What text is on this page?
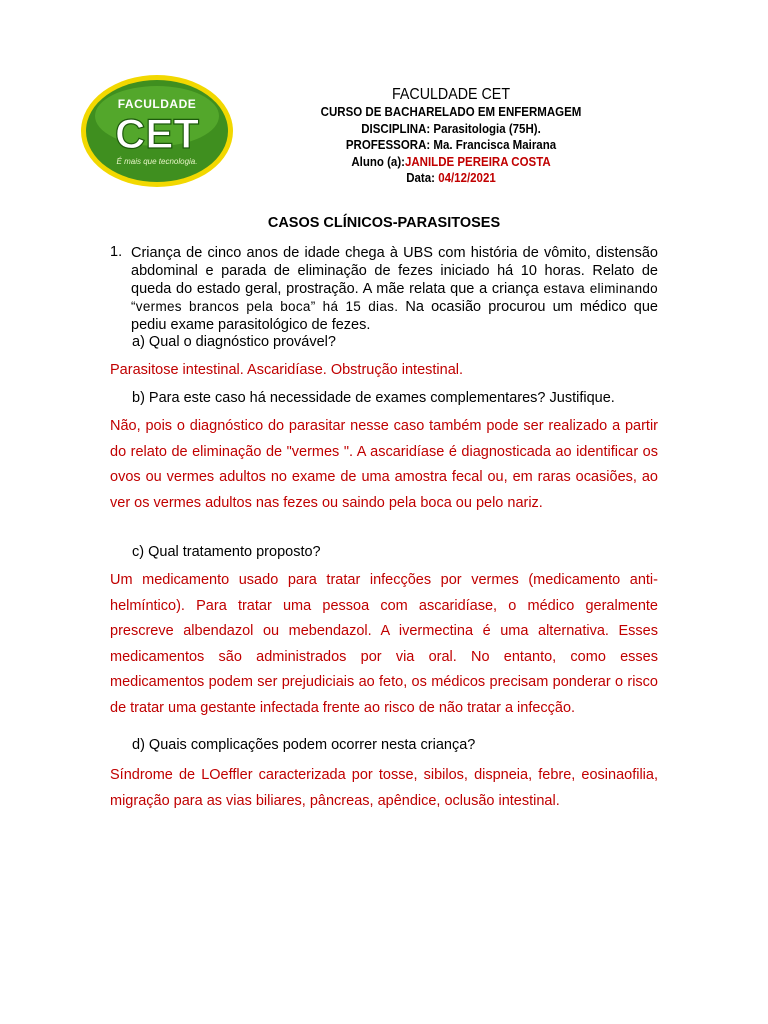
FACULDADE
CET
É mais que tecnologia.
FACULDADE CET
CURSO DE BACHARELADO EM ENFERMAGEM
DISCIPLINA: Parasitologia (75H).
PROFESSORA: Ma. Francisca Mairana
Aluno (a):JANILDE PEREIRA COSTA
Data: 04/12/2021
CASOS CLÍNICOS-PARASITOSES
1. Criança de cinco anos de idade chega à UBS com história de vômito, distensão abdominal e parada de eliminação de fezes iniciado há 10 horas. Relato de queda do estado geral, prostração. A mãe relata que a criança estava eliminando “vermes brancos pela boca” há 15 dias. Na ocasião procurou um médico que pediu exame parasitológico de fezes.
a) Qual o diagnóstico provável?
Parasitose intestinal. Ascaridíase. Obstrução intestinal.
b) Para este caso há necessidade de exames complementares? Justifique.
Não, pois o diagnóstico do parasitar nesse caso também pode ser realizado a partir do relato de eliminação de "vermes ". A ascaridíase é diagnosticada ao identificar os ovos ou vermes adultos no exame de uma amostra fecal ou, em raras ocasiões, ao ver os vermes adultos nas fezes ou saindo pela boca ou pelo nariz.
c) Qual tratamento proposto?
Um medicamento usado para tratar infecções por vermes (medicamento anti-helmíntico). Para tratar uma pessoa com ascaridíase, o médico geralmente prescreve albendazol ou mebendazol. A ivermectina é uma alternativa. Esses medicamentos são administrados por via oral. No entanto, como esses medicamentos podem ser prejudiciais ao feto, os médicos precisam ponderar o risco de tratar uma gestante infectada frente ao risco de não tratar a infecção.
d) Quais complicações podem ocorrer nesta criança?
Síndrome de LOeffler caracterizada por tosse, sibilos, dispneia, febre, eosinaofilia, migração para as vias biliares, pâncreas, apêndice, oclusão intestinal.
